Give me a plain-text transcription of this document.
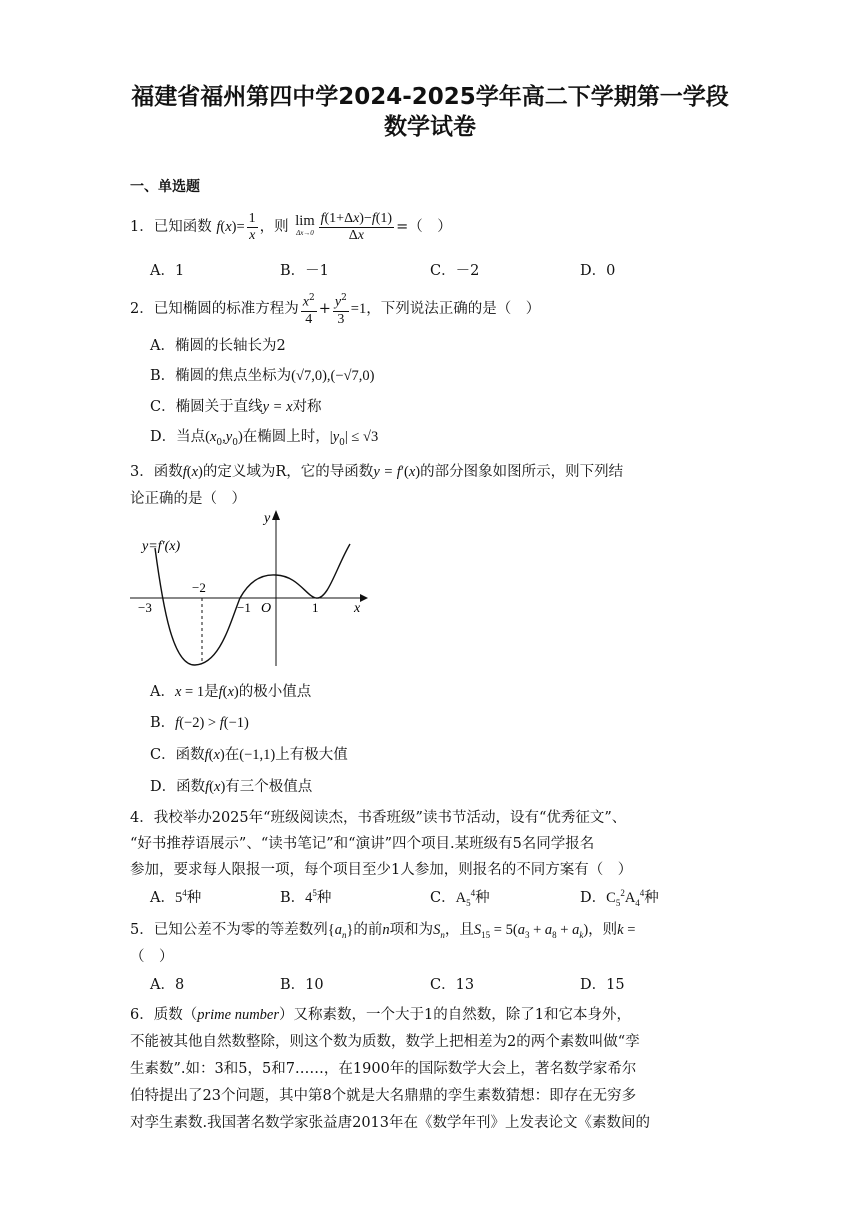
福建省福州第四中学2024-2025学年高二下学期第一学段
数学试卷
一、单选题
1．已知函数 $f(x)= \frac{1}{x}$ ，则 lim
$\Delta x\to 0 \frac{f(1+\Delta x)-f(1)}{\Delta x}$ =（　）
A．1	B．－1	C．－2	D．0
2．已知椭圆的标准方程为 $\frac{x^2}{4} + \frac{y^2}{3} =1$，下列说法正确的是（　）
A．椭圆的长轴长为2
B．椭圆的焦点坐标为(√7,0),(−√7,0)
C．椭圆关于直线y = x对称
D．当点$(x_0,y_0)$在椭圆上时，$|y_0| \le √3$
3．函数f(x)的定义域为R，它的导函数y = f′(x)的部分图象如图所示，则下列结
论正确的是（　）
y=f′(x)
y
x
O
−3
−2
−1	1
A．x = 1是f(x)的极小值点
B．f(−2) > f(−1)
C．函数f(x)在(−1,1)上有极大值
D．函数f(x)有三个极值点
4．我校举办2025年“班级阅读杰，书香班级”读书节活动，设有“优秀征文”、
“好书推荐语展示”、“读书笔记”和“演讲”四个项目.某班级有5名同学报名
参加，要求每人限报一项，每个项目至少1人参加，则报名的不同方案有（　）
A．$5^4$种	B．$4^5$种	C．$A_5^4$种	D．$C_5^2A_4^4$种
5．已知公差不为零的等差数列$\{a_n\}$的前n项和为$S_n$，且$S_{15} = 5(a_3 + a_8 + a_k)$，则k =
（　）
A．8	B．10	C．13	D．15
6．质数（prime number）又称素数，一个大于1的自然数，除了1和它本身外，
不能被其他自然数整除，则这个数为质数，数学上把相差为2的两个素数叫做“孪
生素数”.如：3和5，5和7……，在1900年的国际数学大会上，著名数学家希尔
伯特提出了23个问题，其中第8个就是大名鼎鼎的孪生素数猜想：即存在无穷多
对孪生素数.我国著名数学家张益唐2013年在《数学年刊》上发表论文《素数间的
